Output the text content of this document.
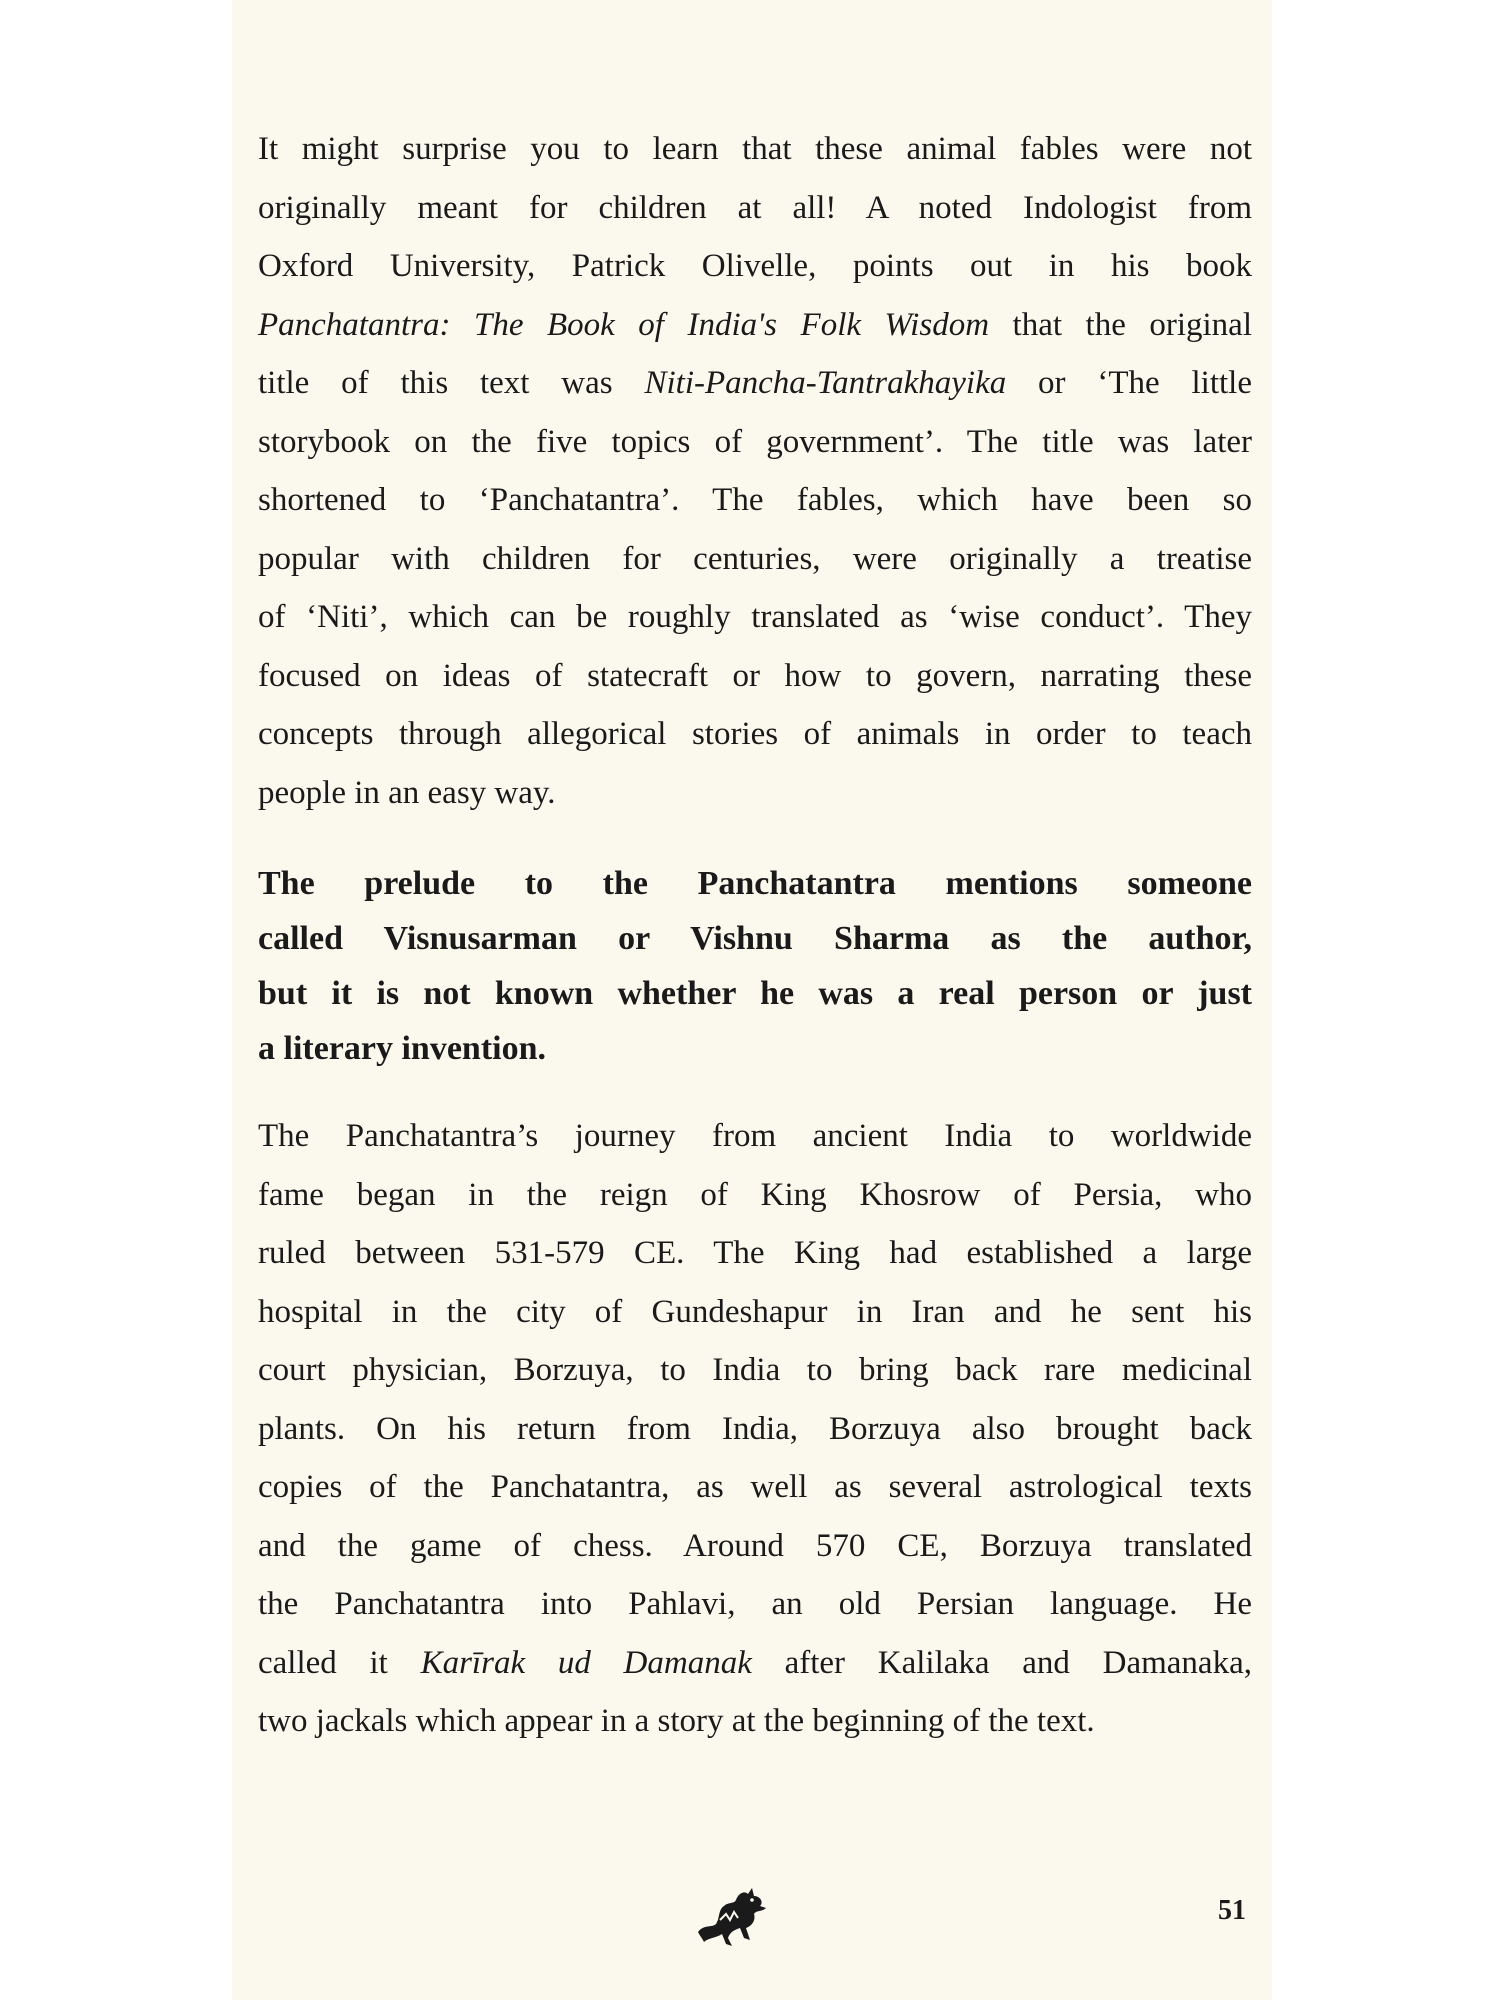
It might surprise you to learn that these animal fables were not
originally meant for children at all! A noted Indologist from
Oxford University, Patrick Olivelle, points out in his book
Panchatantra: The Book of India's Folk Wisdom that the original
title of this text was Niti-Pancha-Tantrakhayika or ‘The little
storybook on the five topics of government’. The title was later
shortened to ‘Panchatantra’. The fables, which have been so
popular with children for centuries, were originally a treatise
of ‘Niti’, which can be roughly translated as ‘wise conduct’. They
focused on ideas of statecraft or how to govern, narrating these
concepts through allegorical stories of animals in order to teach
people in an easy way.
The prelude to the Panchatantra mentions someone
called Visnusarman or Vishnu Sharma as the author,
but it is not known whether he was a real person or just
a literary invention.
The Panchatantra’s journey from ancient India to worldwide
fame began in the reign of King Khosrow of Persia, who
ruled between 531-579 CE. The King had established a large
hospital in the city of Gundeshapur in Iran and he sent his
court physician, Borzuya, to India to bring back rare medicinal
plants. On his return from India, Borzuya also brought back
copies of the Panchatantra, as well as several astrological texts
and the game of chess. Around 570 CE, Borzuya translated
the Panchatantra into Pahlavi, an old Persian language. He
called it Karīrak ud Damanak after Kalilaka and Damanaka,
two jackals which appear in a story at the beginning of the text.
51
